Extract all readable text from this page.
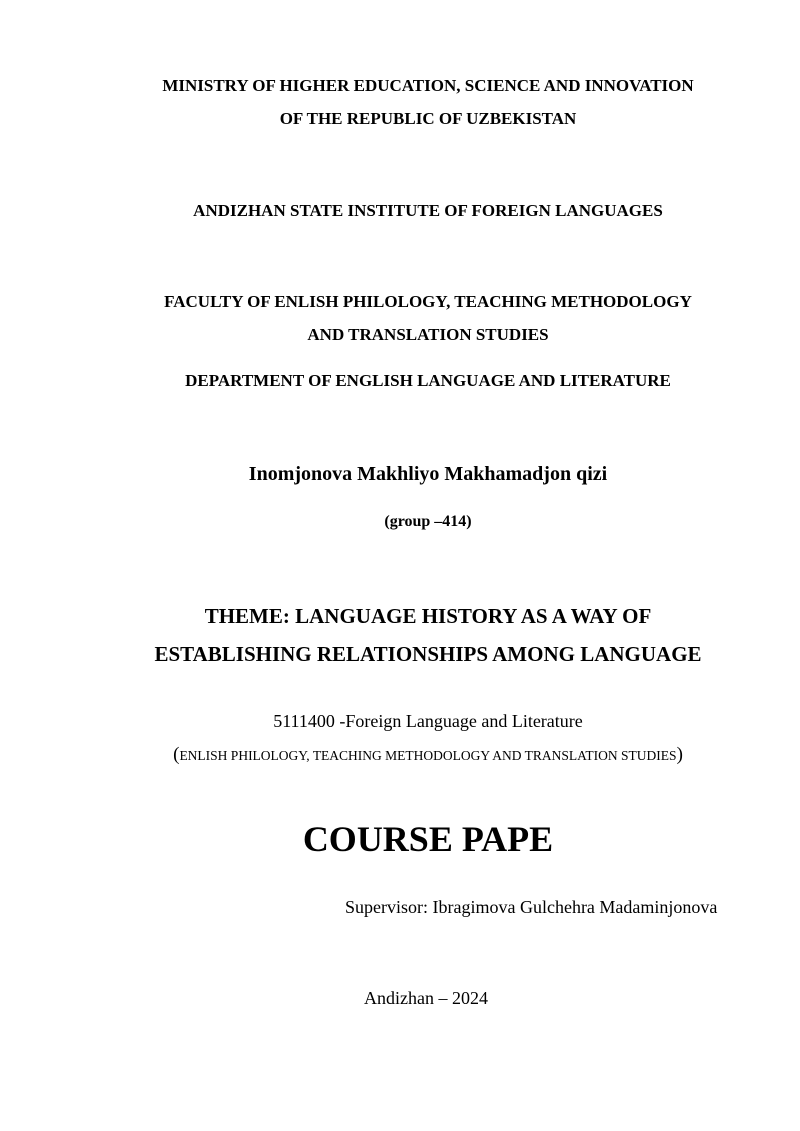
MINISTRY OF HIGHER EDUCATION, SCIENCE AND INNOVATION
OF THE REPUBLIC OF UZBEKISTAN
ANDIZHAN STATE INSTITUTE OF FOREIGN LANGUAGES
FACULTY OF ENLISH PHILOLOGY, TEACHING METHODOLOGY
AND TRANSLATION STUDIES
DEPARTMENT OF ENGLISH LANGUAGE AND LITERATURE
Inomjonova Makhliyo Makhamadjon qizi
(group –414)
THEME: LANGUAGE HISTORY AS A WAY OF
ESTABLISHING RELATIONSHIPS AMONG LANGUAGE
5111400 -Foreign Language and Literature
(ENLISH PHILOLOGY, TEACHING METHODOLOGY AND TRANSLATION STUDIES)
COURSE PAPE
Supervisor: Ibragimova Gulchehra Madaminjonova
Andizhan – 2024
